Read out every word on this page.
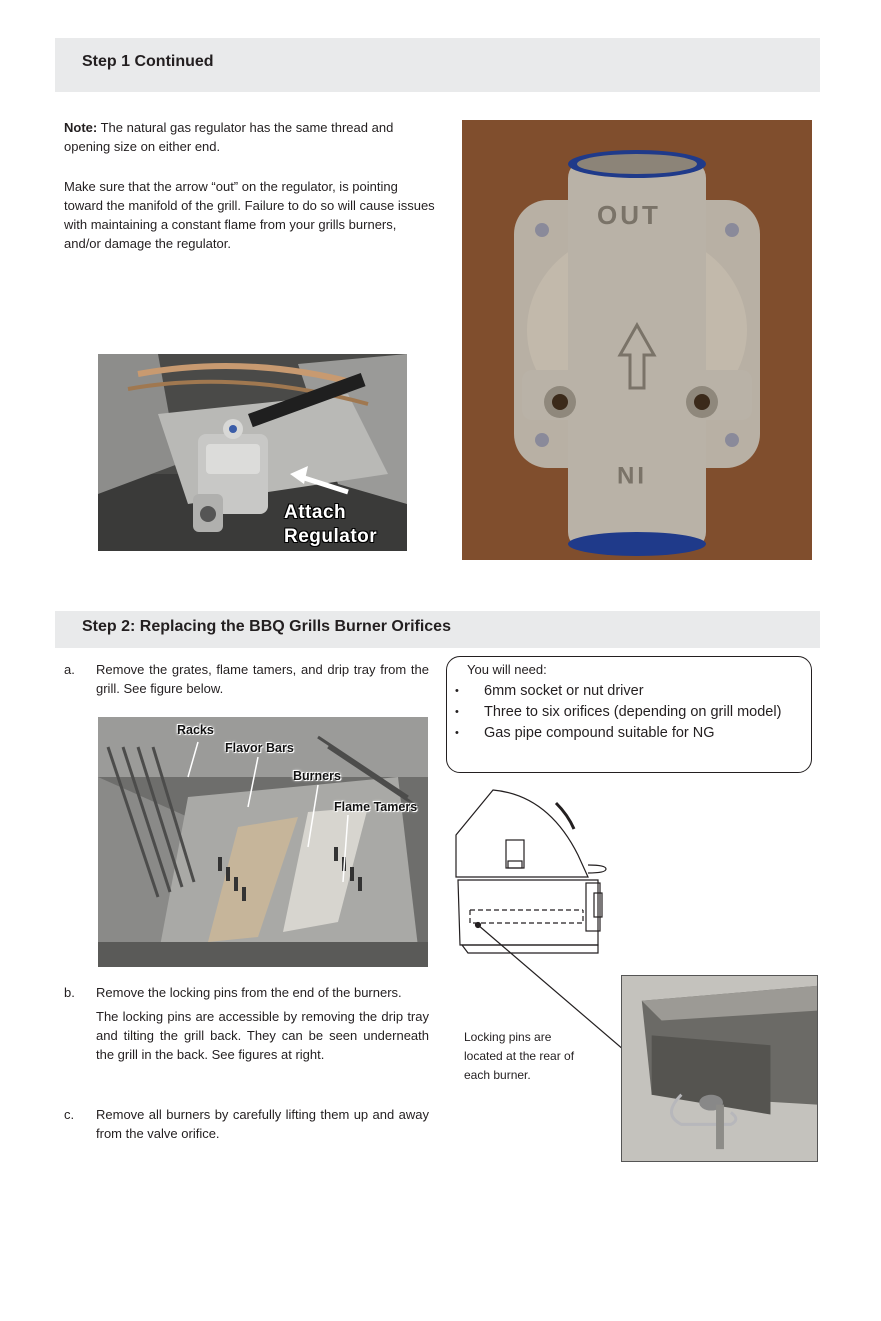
Step 1 Continued
Note: The natural gas regulator has the same thread and opening size on either end.
Make sure that the arrow “out” on the regulator, is pointing toward the manifold of the grill. Failure to do so will cause issues with maintaining a constant flame from your grills burners, and/or damage the regulator.
Attach
Regulator
OUT
IN
Step 2: Replacing the BBQ Grills Burner Orifices
a. Remove the grates, flame tamers, and drip tray from the grill. See figure below.
Racks
Flavor Bars
Burners
Flame Tamers
b. Remove the locking pins from the end of the burners.
The locking pins are accessible by removing the drip tray and tilting the grill back. They can be seen underneath the grill in the back. See figures at right.
c. Remove all burners by carefully lifting them up and away from the valve orifice.
You will need:
• 6mm socket or nut driver
• Three to six orifices (depending on grill model)
• Gas pipe compound suitable for NG
Locking pins are located at the rear of each burner.
